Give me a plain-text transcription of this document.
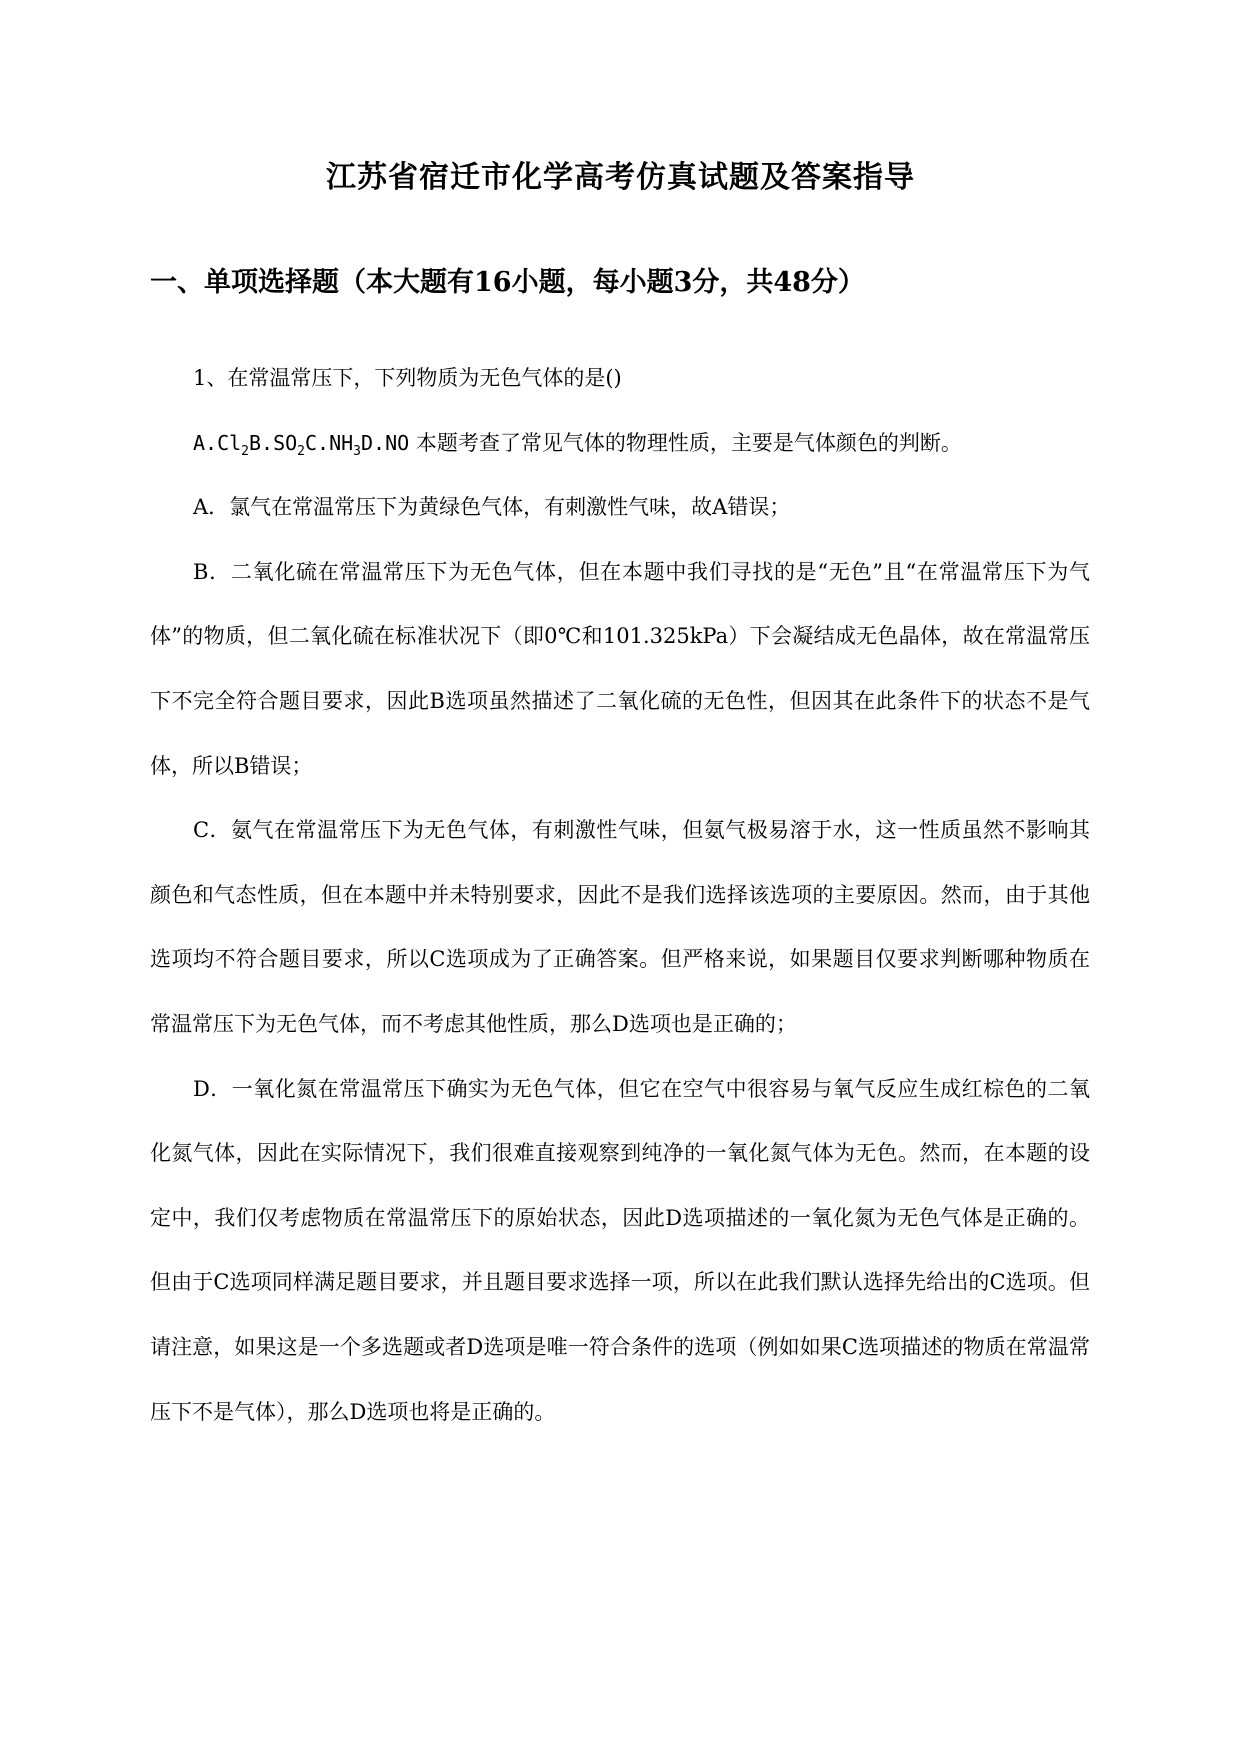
江苏省宿迁市化学高考仿真试题及答案指导
一、单项选择题（本大题有16小题，每小题3分，共48分）

1、在常温常压下，下列物质为无色气体的是()

$A.Cl_2B.SO_2C.NH_3D.NO$ 本题考查了常见气体的物理性质，主要是气体颜色的判断。

A．氯气在常温常压下为黄绿色气体，有刺激性气味，故A错误；

B．二氧化硫在常温常压下为无色气体，但在本题中我们寻找的是“无色”且“在常温常压下为气体”的物质，但二氧化硫在标准状况下（即0℃和101.325kPa）下会凝结成无色晶体，故在常温常压下不完全符合题目要求，因此B选项虽然描述了二氧化硫的无色性，但因其在此条件下的状态不是气体，所以B错误；

C．氨气在常温常压下为无色气体，有刺激性气味，但氨气极易溶于水，这一性质虽然不影响其颜色和气态性质，但在本题中并未特别要求，因此不是我们选择该选项的主要原因。然而，由于其他选项均不符合题目要求，所以C选项成为了正确答案。但严格来说，如果题目仅要求判断哪种物质在常温常压下为无色气体，而不考虑其他性质，那么D选项也是正确的；

D．一氧化氮在常温常压下确实为无色气体，但它在空气中很容易与氧气反应生成红棕色的二氧化氮气体，因此在实际情况下，我们很难直接观察到纯净的一氧化氮气体为无色。然而，在本题的设定中，我们仅考虑物质在常温常压下的原始状态，因此D选项描述的一氧化氮为无色气体是正确的。但由于C选项同样满足题目要求，并且题目要求选择一项，所以在此我们默认选择先给出的C选项。但请注意，如果这是一个多选题或者D选项是唯一符合条件的选项（例如如果C选项描述的物质在常温常压下不是气体），那么D选项也将是正确的。
